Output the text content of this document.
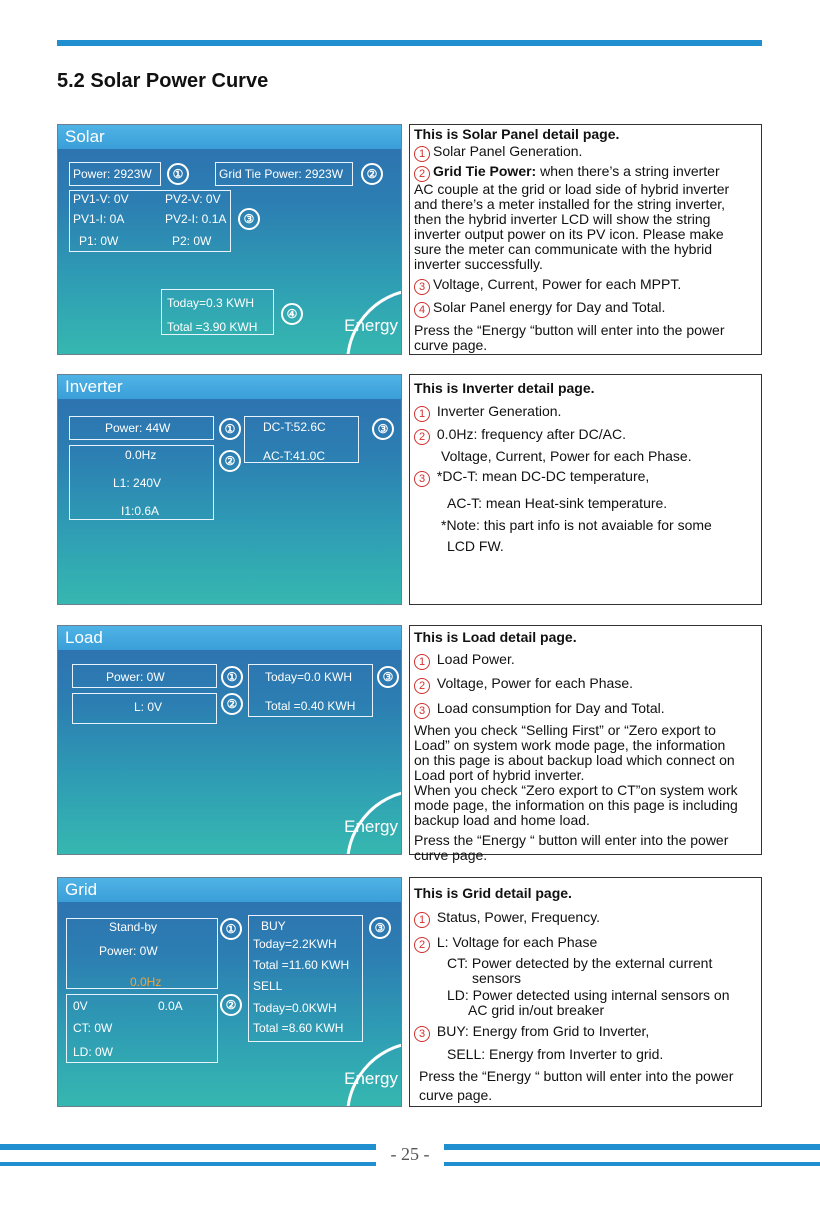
5.2 Solar Power Curve
Solar
Power: 2923W	①	Grid Tie Power: 2923W	②
PV1-V: 0V	PV2-V: 0V
PV1-I: 0A	PV2-I: 0.1A
P1: 0W	P2: 0W
③
Today=0.3 KWH
Total =3.90 KWH
④
Energy

This is Solar Panel detail page.

1 Solar Panel Generation.

2 Grid Tie Power: when there’s a string inverter

AC couple at the grid or load side of hybrid inverter

and there’s a meter installed for the string inverter,

then the hybrid inverter LCD will show the string

inverter output power on its PV icon. Please make

sure the meter can communicate with the hybrid

inverter successfully.

3 Voltage, Current, Power for each MPPT.

4 Solar Panel energy for Day and Total.

Press the “Energy “button will enter into the power

curve page.

Inverter
Power: 44W	①
0.0Hz
L1: 240V
I1:0.6A
②
DC-T:52.6C
AC-T:41.0C
③

This is Inverter detail page.

1 Inverter Generation.

2 0.0Hz: frequency after DC/AC.

Voltage, Current, Power for each Phase.

3 *DC-T: mean DC-DC temperature,

AC-T: mean Heat-sink temperature.

*Note: this part info is not avaiable for some

LCD FW.

Load
Power: 0W	①
L: 0V	②
Today=0.0 KWH
Total =0.40 KWH
③
Energy

This is Load detail page.

1 Load Power.

2 Voltage, Power for each Phase.

3 Load consumption for Day and Total.

When you check “Selling First” or “Zero export to

Load” on system work mode page, the information

on this page is about backup load which connect on

Load port of hybrid inverter.

When you check “Zero export to CT”on system work

mode page, the information on this page is including

backup load and home load.

Press the “Energy “ button will enter into the power

curve page.

Grid
Stand-by
Power: 0W
0.0Hz
①
0V	0.0A
CT: 0W
LD: 0W
②
BUY
Today=2.2KWH
Total =11.60 KWH
SELL
Today=0.0KWH
Total =8.60 KWH
③
Energy

This is Grid detail page.

1 Status, Power, Frequency.

2 L: Voltage for each Phase

CT: Power detected by the external current

sensors

LD: Power detected using internal sensors on

AC grid in/out breaker

3 BUY: Energy from Grid to Inverter,

SELL: Energy from Inverter to grid.

Press the “Energy “ button will enter into the power

curve page.

- 25 -
